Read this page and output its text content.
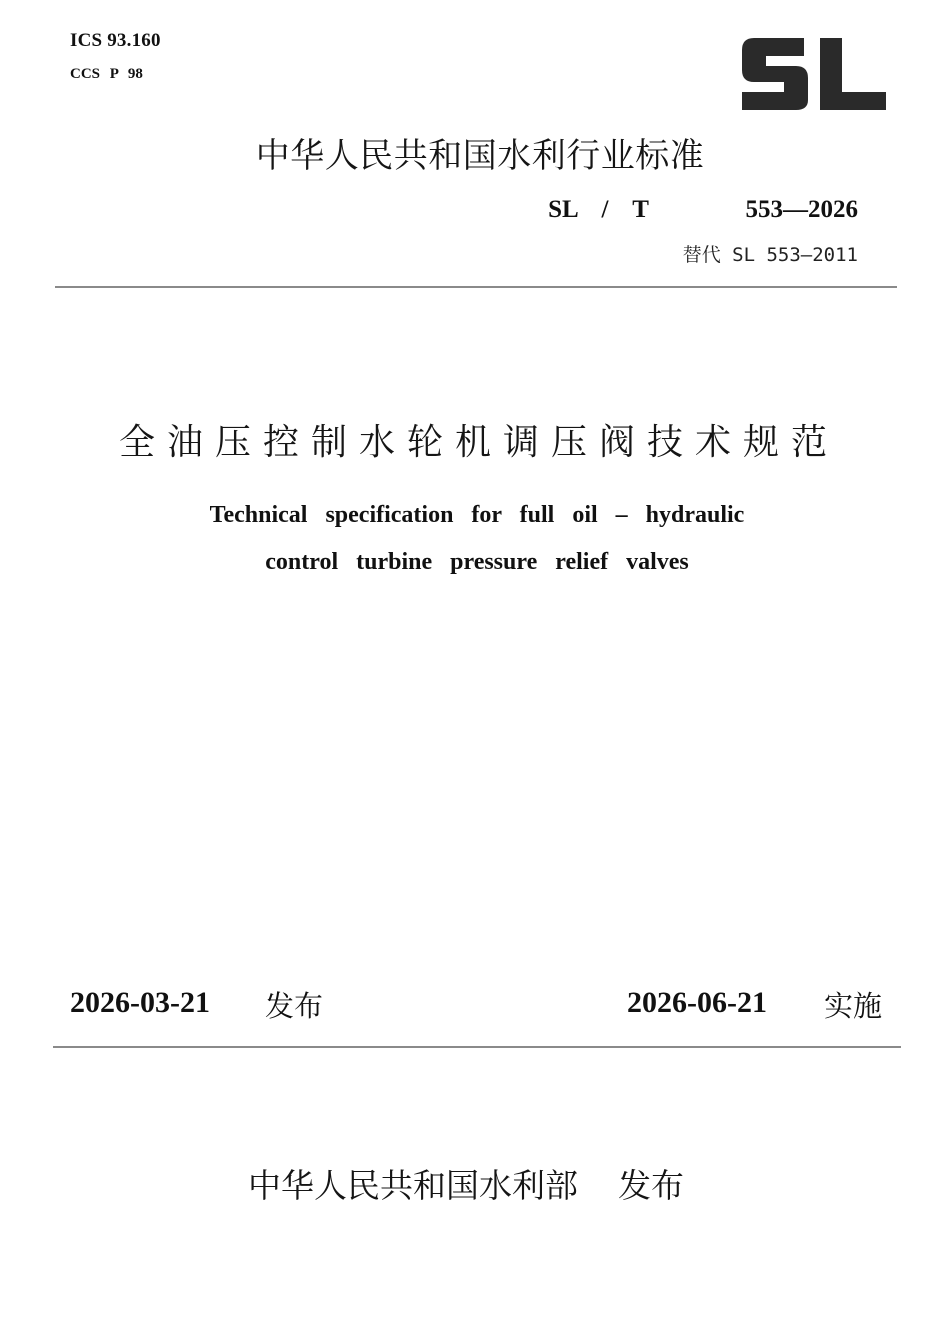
ICS 93.160
CCS P 98
中华人民共和国水利行业标准
SL / T    553—2026
替代 SL 553—2011
全油压控制水轮机调压阀技术规范
Technical specification for full oil – hydraulic
control turbine pressure relief valves
2026-03-21 发布	2026-06-21 实施
中华人民共和国水利部 发布
